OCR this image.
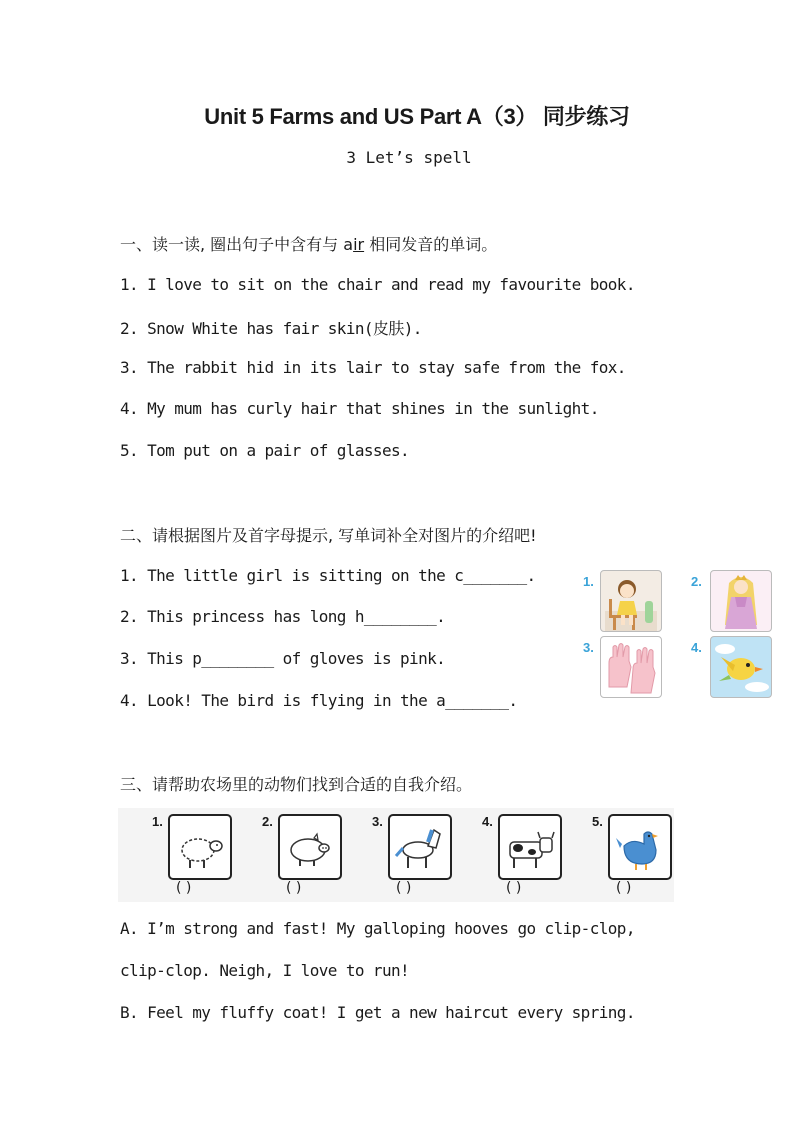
Unit 5 Farms and US Part A（3） 同步练习
3 Let’s spell
一、读一读, 圈出句子中含有与 air 相同发音的单词。
1. I love to sit on the chair and read my favourite book.
2. Snow White has fair skin(皮肤).
3. The rabbit hid in its lair to stay safe from the fox.
4. My mum has curly hair that shines in the sunlight.
5. Tom put on a pair of glasses.
二、请根据图片及首字母提示, 写单词补全对图片的介绍吧!
1. The little girl is sitting on the c_______.
2. This princess has long h________.
3. This p________ of gloves is pink.
4. Look! The bird is flying in the a_______.
1.	2.
3.	4.
三、请帮助农场里的动物们找到合适的自我介绍。
1.
( )
2.
( )
3.
( )
4.
( )
5.
( )
A. I’m strong and fast! My galloping hooves go clip-clop,
clip-clop. Neigh, I love to run!
B. Feel my fluffy coat! I get a new haircut every spring.
